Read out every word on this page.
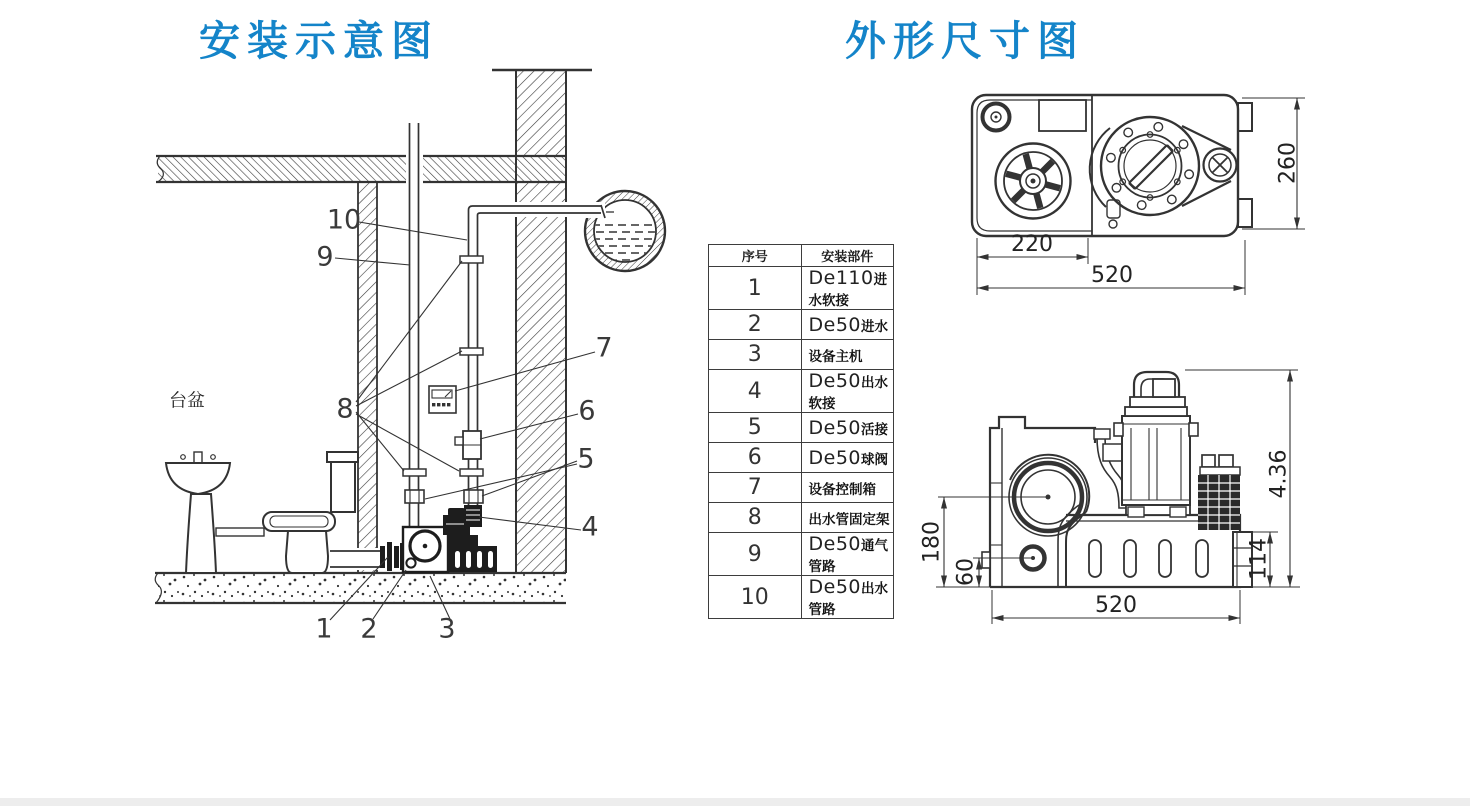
安装示意图	外形尺寸图
1 2 3
4
5
6
7
8
9
10
台盆
220
520
260
180
60
520
114
4.36
序号	安装部件
1	De110进水软接
2	De50进水
3	设备主机
4	De50出水软接
5	De50活接
6	De50球阀
7	设备控制箱
8	出水管固定架
9	De50通气管路
10	De50出水管路
